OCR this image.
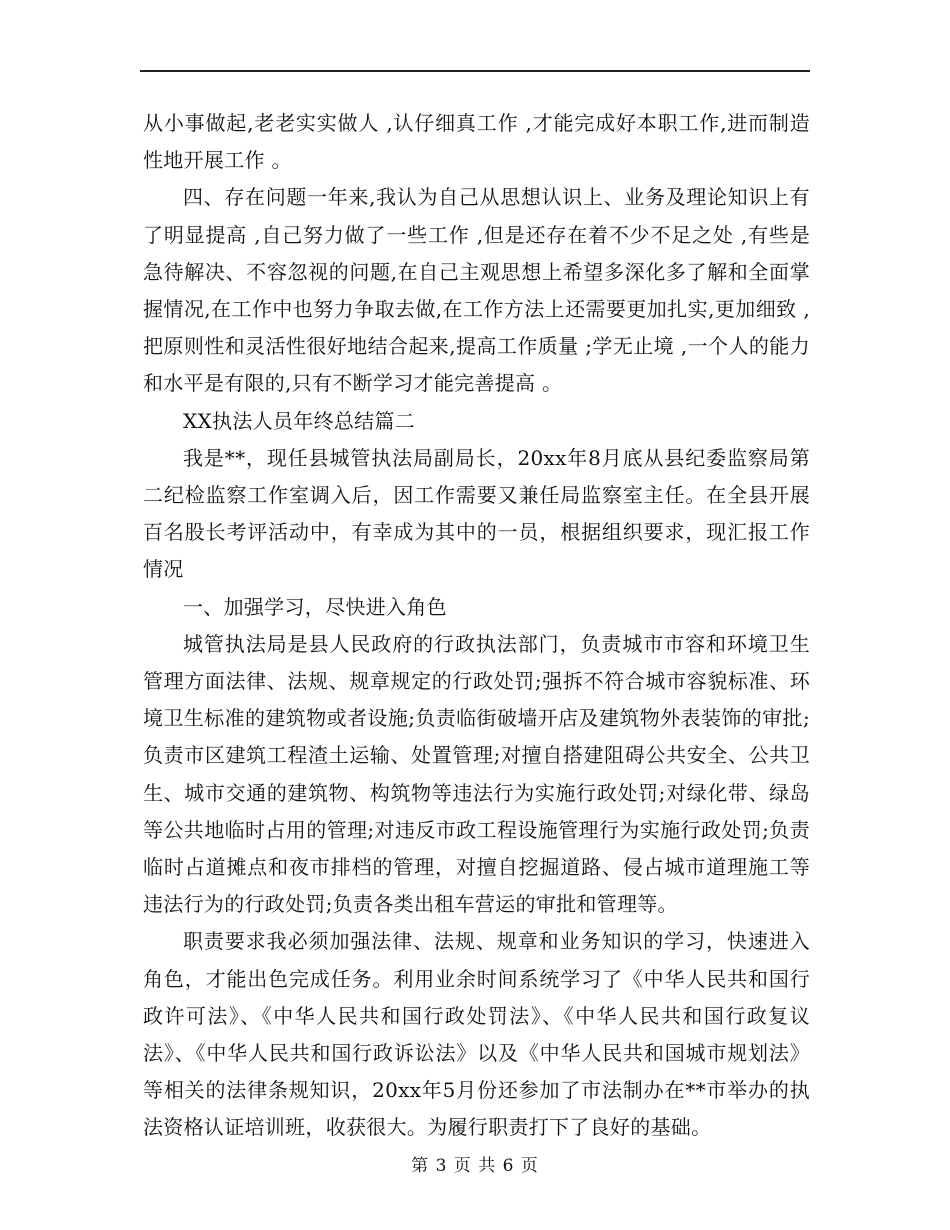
从小事做起,老老实实做人 ,认仔细真工作 ,才能完成好本职工作,进而制造性地开展工作 。

四、存在问题一年来,我认为自己从思想认识上、业务及理论知识上有了明显提高 ,自己努力做了一些工作 ,但是还存在着不少不足之处 ,有些是急待解决、不容忽视的问题,在自己主观思想上希望多深化多了解和全面掌握情况,在工作中也努力争取去做,在工作方法上还需要更加扎实,更加细致 ,把原则性和灵活性很好地结合起来,提高工作质量 ;学无止境 ,一个人的能力和水平是有限的,只有不断学习才能完善提高 。

XX执法人员年终总结篇二

我是**，现任县城管执法局副局长，20xx年8月底从县纪委监察局第二纪检监察工作室调入后，因工作需要又兼任局监察室主任。在全县开展百名股长考评活动中，有幸成为其中的一员，根据组织要求，现汇报工作情况

一、加强学习，尽快进入角色

城管执法局是县人民政府的行政执法部门，负责城市市容和环境卫生管理方面法律、法规、规章规定的行政处罚;强拆不符合城市容貌标准、环境卫生标准的建筑物或者设施;负责临街破墙开店及建筑物外表装饰的审批;负责市区建筑工程渣土运输、处置管理;对擅自搭建阻碍公共安全、公共卫生、城市交通的建筑物、构筑物等违法行为实施行政处罚;对绿化带、绿岛等公共地临时占用的管理;对违反市政工程设施管理行为实施行政处罚;负责临时占道摊点和夜市排档的管理，对擅自挖掘道路、侵占城市道理施工等违法行为的行政处罚;负责各类出租车营运的审批和管理等。

职责要求我必须加强法律、法规、规章和业务知识的学习，快速进入角色，才能出色完成任务。利用业余时间系统学习了《中华人民共和国行政许可法》、《中华人民共和国行政处罚法》、《中华人民共和国行政复议法》、《中华人民共和国行政诉讼法》以及《中华人民共和国城市规划法》等相关的法律条规知识，20xx年5月份还参加了市法制办在**市举办的执法资格认证培训班，收获很大。为履行职责打下了良好的基础。

第 3 页 共 6 页
